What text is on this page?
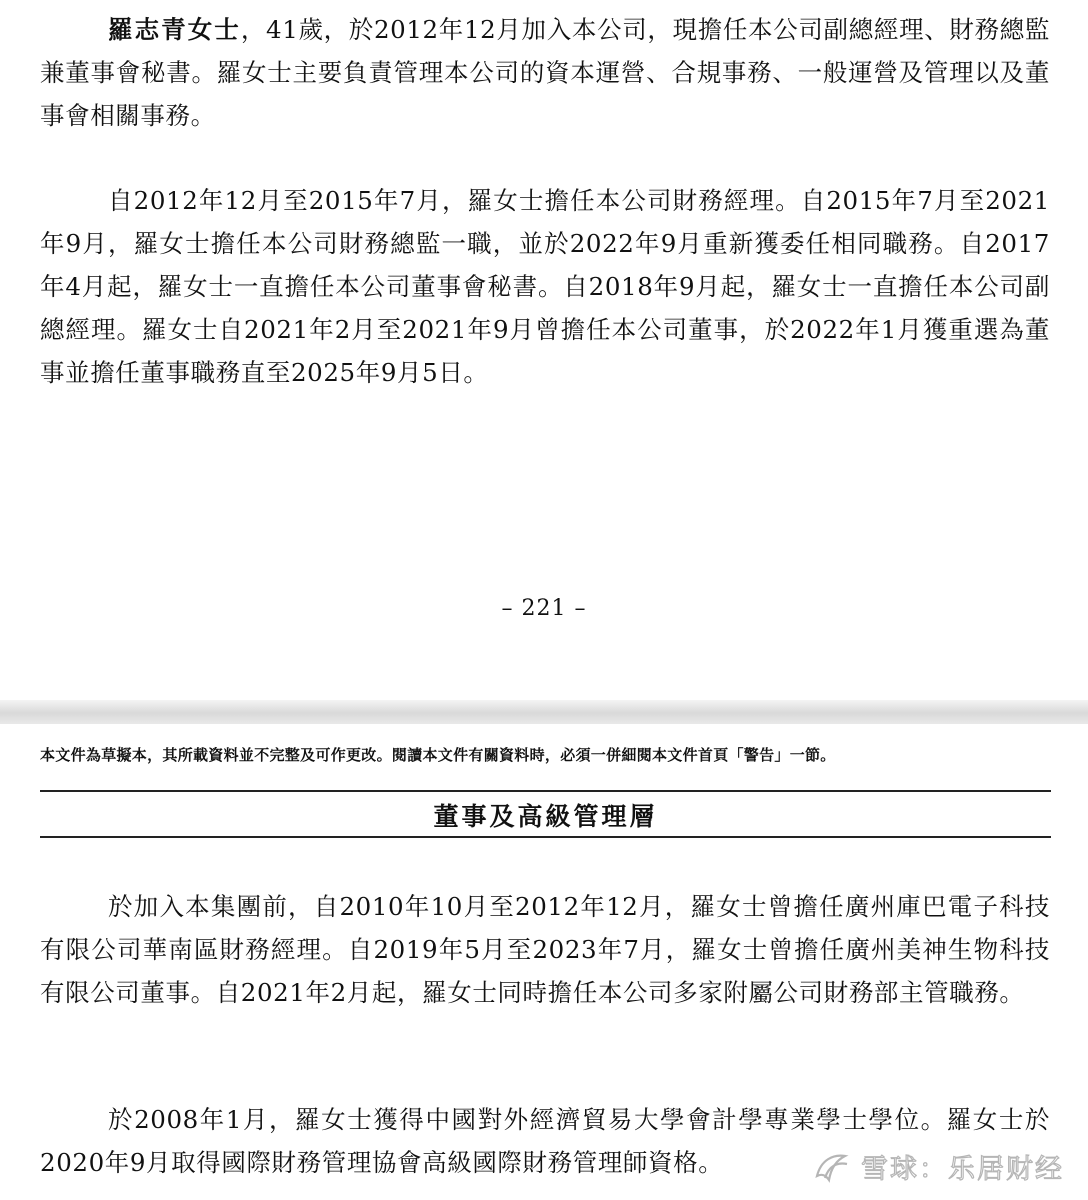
羅志青女士，41歲，於2012年12月加入本公司，現擔任本公司副總經理、財務總監兼董事會秘書。羅女士主要負責管理本公司的資本運營、合規事務、一般運營及管理以及董事會相關事務。

自2012年12月至2015年7月，羅女士擔任本公司財務經理。自2015年7月至2021年9月，羅女士擔任本公司財務總監一職，並於2022年9月重新獲委任相同職務。自2017年4月起，羅女士一直擔任本公司董事會秘書。自2018年9月起，羅女士一直擔任本公司副總經理。羅女士自2021年2月至2021年9月曾擔任本公司董事，於2022年1月獲重選為董事並擔任董事職務直至2025年9月5日。

– 221 –
本文件為草擬本，其所載資料並不完整及可作更改。閱讀本文件有關資料時，必須一併細閱本文件首頁「警告」一節。
董事及高級管理層

於加入本集團前，自2010年10月至2012年12月，羅女士曾擔任廣州庫巴電子科技有限公司華南區財務經理。自2019年5月至2023年7月，羅女士曾擔任廣州美神生物科技有限公司董事。自2021年2月起，羅女士同時擔任本公司多家附屬公司財務部主管職務。

於2008年1月，羅女士獲得中國對外經濟貿易大學會計學專業學士學位。羅女士於2020年9月取得國際財務管理協會高級國際財務管理師資格。	雪球：乐居财经
